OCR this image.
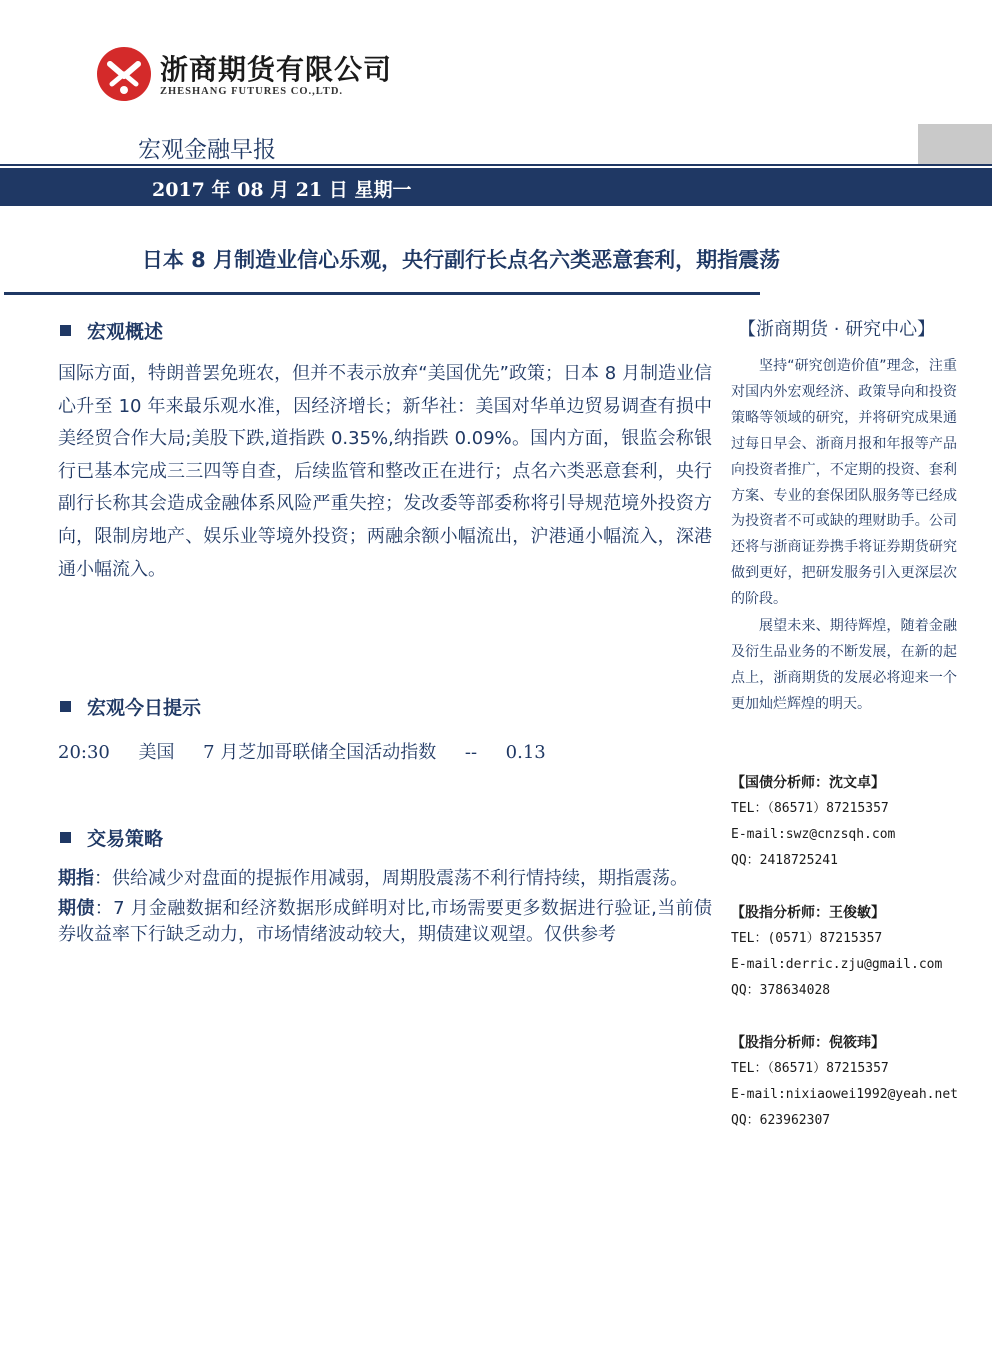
浙商期货有限公司
ZHESHANG FUTURES CO.,LTD.
宏观金融早报
2017 年 08 月 21 日 星期一
日本 8 月制造业信心乐观，央行副行长点名六类恶意套利，期指震荡
宏观概述
国际方面，特朗普罢免班农，但并不表示放弃“美国优先”政策；日本 8 月制造业信心升至 10 年来最乐观水准，因经济增长；新华社：美国对华单边贸易调查有损中美经贸合作大局;美股下跌,道指跌 0.35%,纳指跌 0.09%。国内方面，银监会称银行已基本完成三三四等自查，后续监管和整改正在进行；点名六类恶意套利，央行副行长称其会造成金融体系风险严重失控；发改委等部委称将引导规范境外投资方向，限制房地产、娱乐业等境外投资；两融余额小幅流出，沪港通小幅流入，深港通小幅流入。
宏观今日提示
20:30 美国 7 月芝加哥联储全国活动指数 -- 0.13
交易策略

期指：供给减少对盘面的提振作用减弱，周期股震荡不利行情持续，期指震荡。

期债：7 月金融数据和经济数据形成鲜明对比,市场需要更多数据进行验证,当前债券收益率下行缺乏动力，市场情绪波动较大，期债建议观望。仅供参考

【浙商期货 · 研究中心】
坚持“研究创造价值”理念，注重对国内外宏观经济、政策导向和投资策略等领域的研究，并将研究成果通过每日早会、浙商月报和年报等产品向投资者推广，不定期的投资、套利方案、专业的套保团队服务等已经成为投资者不可或缺的理财助手。公司还将与浙商证券携手将证券期货研究做到更好，把研发服务引入更深层次的阶段。
展望未来、期待辉煌，随着金融及衍生品业务的不断发展，在新的起点上，浙商期货的发展必将迎来一个更加灿烂辉煌的明天。
【国债分析师：沈文卓】
TEL：（86571）87215357
E-mail:swz@cnzsqh.com
QQ：2418725241
【股指分析师：王俊敏】
TEL：(0571）87215357
E-mail:derric.zju@gmail.com
QQ：378634028
【股指分析师：倪筱玮】
TEL：（86571）87215357
E-mail:nixiaowei1992@yeah.net
QQ：623962307
